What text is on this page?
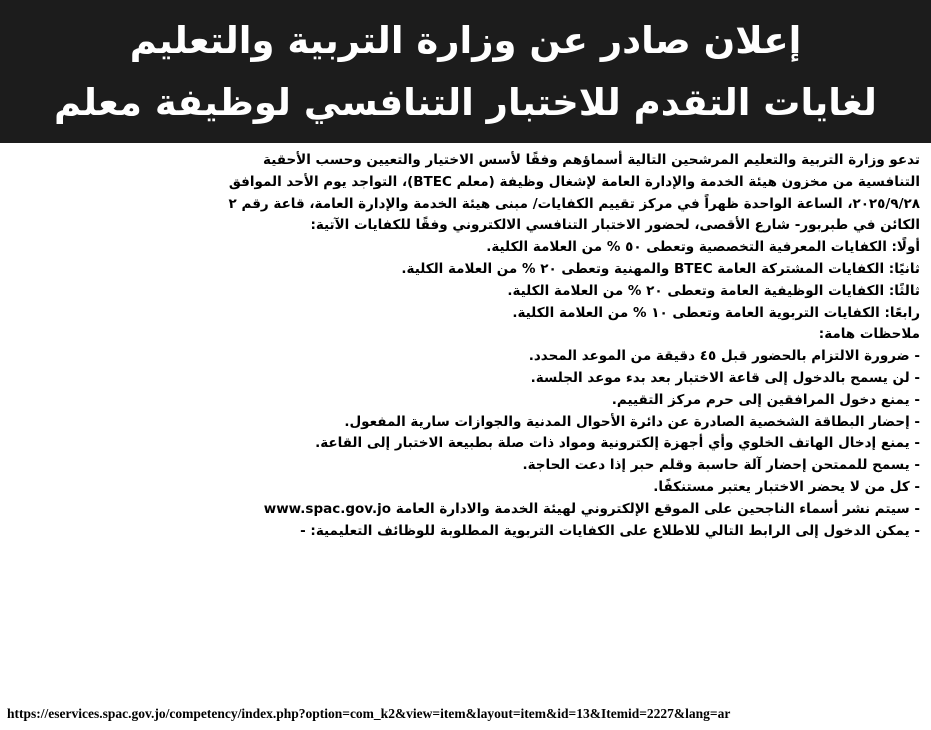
إعلان صادر عن وزارة التربية والتعليم
لغايات التقدم للاختبار التنافسي لوظيفة معلم
تدعو وزارة التربية والتعليم المرشحين التالية أسماؤهم وفقًا لأسس الاختيار والتعيين وحسب الأحقية
التنافسية من مخزون هيئة الخدمة والإدارة العامة لإشغال وظيفة (معلم BTEC)، التواجد يوم الأحد الموافق
٢٠٢٥/٩/٢٨، الساعة الواحدة ظهراً في مركز تقييم الكفايات/ مبنى هيئة الخدمة والإدارة العامة، قاعة رقم ٢
الكائن في طبربور- شارع الأقصى، لحضور الاختبار التنافسي الالكتروني وفقًا للكفايات الآتية:
أولًا: الكفايات المعرفية التخصصية وتعطى ٥٠ % من العلامة الكلية.
ثانيًا: الكفايات المشتركة العامة BTEC والمهنية وتعطى ٢٠ % من العلامة الكلية.
ثالثًا: الكفايات الوظيفية العامة وتعطى ٢٠ % من العلامة الكلية.
رابعًا: الكفايات التربوية العامة وتعطى ١٠ % من العلامة الكلية.
ملاحظات هامة:
- ضرورة الالتزام بالحضور قبل ٤٥ دقيقة من الموعد المحدد.
- لن يسمح بالدخول إلى قاعة الاختبار بعد بدء موعد الجلسة.
- يمنع دخول المرافقين إلى حرم مركز التقييم.
- إحضار البطاقة الشخصية الصادرة عن دائرة الأحوال المدنية والجوازات سارية المفعول.
- يمنع إدخال الهاتف الخلوي وأي أجهزة إلكترونية ومواد ذات صلة بطبيعة الاختبار إلى القاعة.
- يسمح للممتحن إحضار آلة حاسبة وقلم حبر إذا دعت الحاجة.
- كل من لا يحضر الاختبار يعتبر مستنكفًا.
- سيتم نشر أسماء الناجحين على الموقع الإلكتروني لهيئة الخدمة والادارة العامة www.spac.gov.jo
- يمكن الدخول إلى الرابط التالي للاطلاع على الكفايات التربوية المطلوبة للوظائف التعليمية: -
https://eservices.spac.gov.jo/competency/index.php?option=com_k2&view=item&layout=item&id=13&Itemid=2227&lang=ar
